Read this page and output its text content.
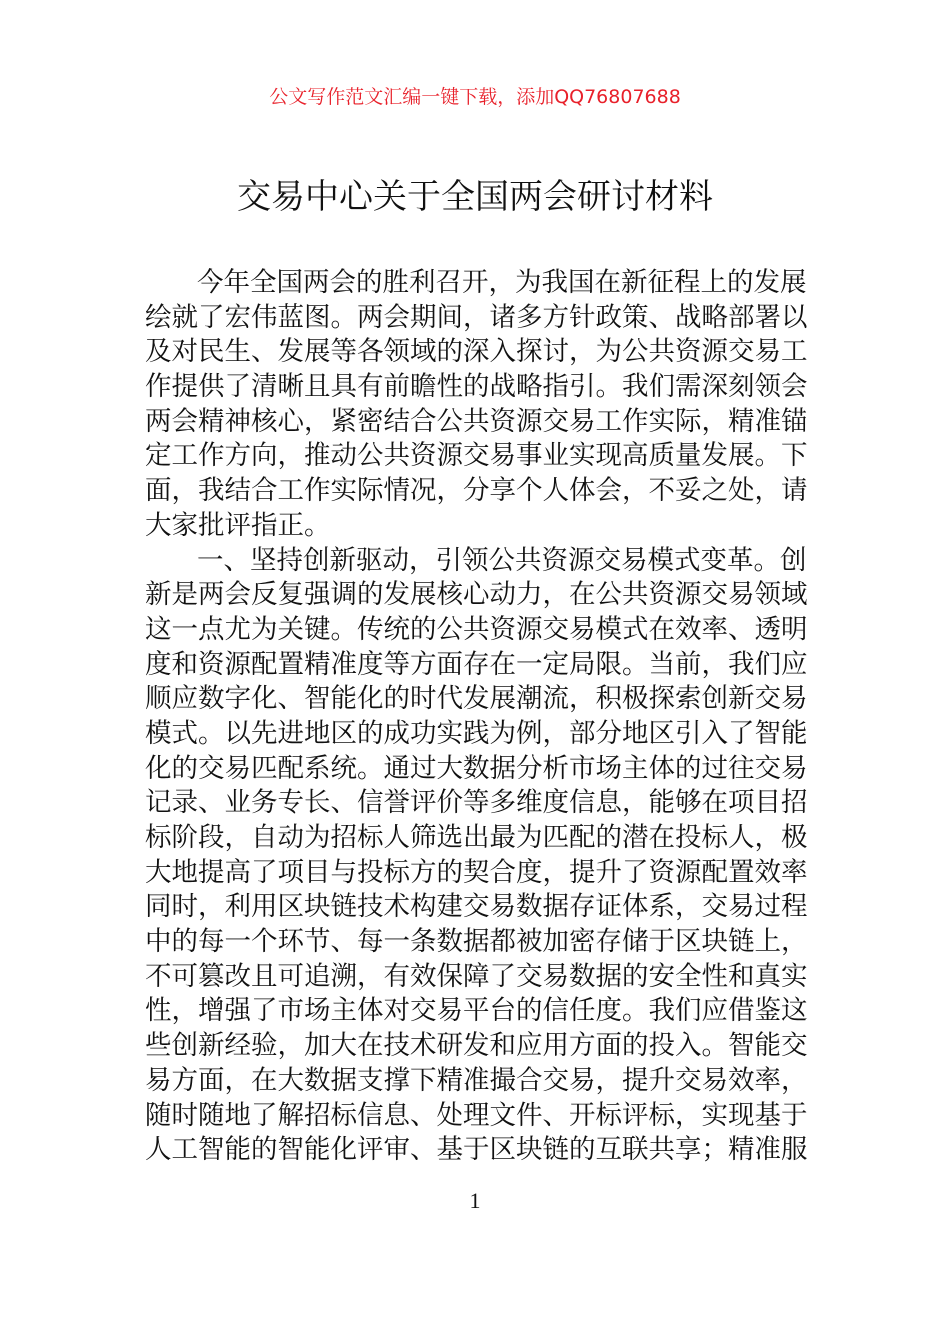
公文写作范文汇编一键下载，添加QQ76807688
交易中心关于全国两会研讨材料
今年全国两会的胜利召开，为我国在新征程上的发展
绘就了宏伟蓝图。两会期间，诸多方针政策、战略部署以
及对民生、发展等各领域的深入探讨，为公共资源交易工
作提供了清晰且具有前瞻性的战略指引。我们需深刻领会
两会精神核心，紧密结合公共资源交易工作实际，精准锚
定工作方向，推动公共资源交易事业实现高质量发展。下
面，我结合工作实际情况，分享个人体会，不妥之处，请
大家批评指正。
一、坚持创新驱动，引领公共资源交易模式变革。创
新是两会反复强调的发展核心动力，在公共资源交易领域
这一点尤为关键。传统的公共资源交易模式在效率、透明
度和资源配置精准度等方面存在一定局限。当前，我们应
顺应数字化、智能化的时代发展潮流，积极探索创新交易
模式。以先进地区的成功实践为例，部分地区引入了智能
化的交易匹配系统。通过大数据分析市场主体的过往交易
记录、业务专长、信誉评价等多维度信息，能够在项目招
标阶段，自动为招标人筛选出最为匹配的潜在投标人，极
大地提高了项目与投标方的契合度，提升了资源配置效率
同时，利用区块链技术构建交易数据存证体系，交易过程
中的每一个环节、每一条数据都被加密存储于区块链上，
不可篡改且可追溯，有效保障了交易数据的安全性和真实
性，增强了市场主体对交易平台的信任度。我们应借鉴这
些创新经验，加大在技术研发和应用方面的投入。智能交
易方面，在大数据支撑下精准撮合交易，提升交易效率，
随时随地了解招标信息、处理文件、开标评标，实现基于
人工智能的智能化评审、基于区块链的互联共享；精准服
1
